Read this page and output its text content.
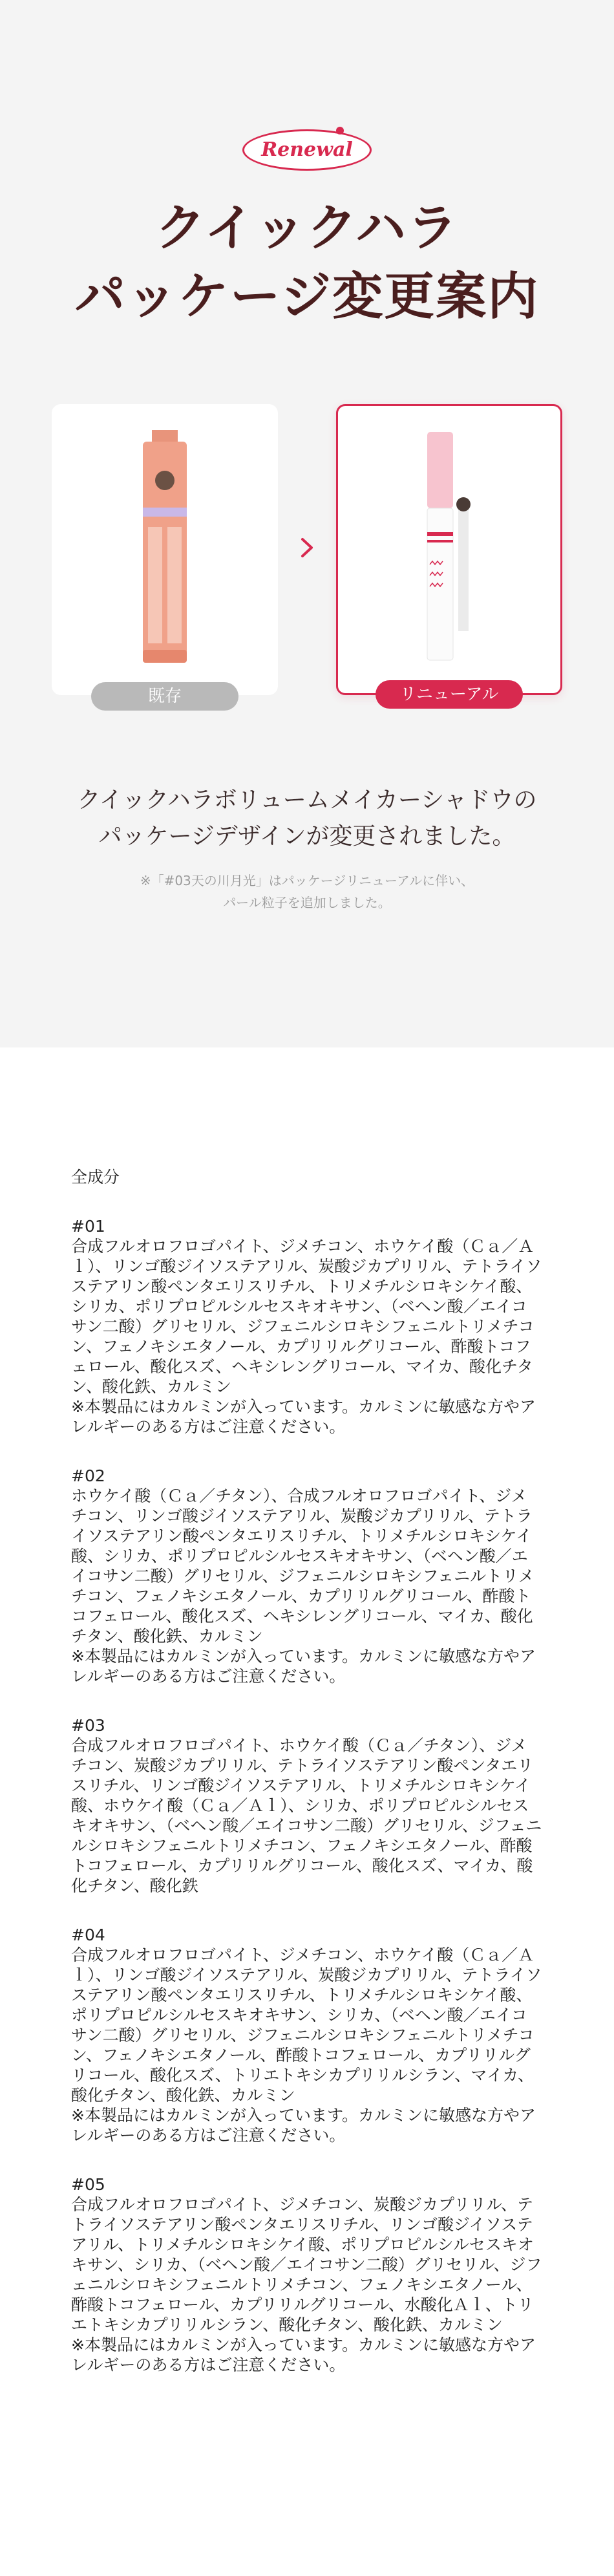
Renewal
クイックハラ
パッケージ変更案内
既存	リニューアル

クイックハラボリュームメイカーシャドウの
パッケージデザインが変更されました。

※「#03天の川月光」はパッケージリニューアルに伴い、
パール粒子を追加しました。

全成分
#01
合成フルオロフロゴパイト、ジメチコン、ホウケイ酸（Ｃａ／Ａｌ）、リンゴ酸ジイソステアリル、炭酸ジカプリリル、テトライソステアリン酸ペンタエリスリチル、トリメチルシロキシケイ酸、シリカ、ポリプロピルシルセスキオキサン、（ベヘン酸／エイコサン二酸）グリセリル、ジフェニルシロキシフェニルトリメチコン、フェノキシエタノール、カプリリルグリコール、酢酸トコフェロール、酸化スズ、ヘキシレングリコール、マイカ、酸化チタン、酸化鉄、カルミン
※本製品にはカルミンが入っています。カルミンに敏感な方やアレルギーのある方はご注意ください。
#02
ホウケイ酸（Ｃａ／チタン）、合成フルオロフロゴパイト、ジメチコン、リンゴ酸ジイソステアリル、炭酸ジカプリリル、テトライソステアリン酸ペンタエリスリチル、トリメチルシロキシケイ酸、シリカ、ポリプロピルシルセスキオキサン、（ベヘン酸／エイコサン二酸）グリセリル、ジフェニルシロキシフェニルトリメチコン、フェノキシエタノール、カプリリルグリコール、酢酸トコフェロール、酸化スズ、ヘキシレングリコール、マイカ、酸化チタン、酸化鉄、カルミン
※本製品にはカルミンが入っています。カルミンに敏感な方やアレルギーのある方はご注意ください。
#03
合成フルオロフロゴパイト、ホウケイ酸（Ｃａ／チタン）、ジメチコン、炭酸ジカプリリル、テトライソステアリン酸ペンタエリスリチル、リンゴ酸ジイソステアリル、トリメチルシロキシケイ酸、ホウケイ酸（Ｃａ／Ａｌ）、シリカ、ポリプロピルシルセスキオキサン、（ベヘン酸／エイコサン二酸）グリセリル、ジフェニルシロキシフェニルトリメチコン、フェノキシエタノール、酢酸トコフェロール、カプリリルグリコール、酸化スズ、マイカ、酸化チタン、酸化鉄
#04
合成フルオロフロゴパイト、ジメチコン、ホウケイ酸（Ｃａ／Ａｌ）、リンゴ酸ジイソステアリル、炭酸ジカプリリル、テトライソステアリン酸ペンタエリスリチル、トリメチルシロキシケイ酸、ポリプロピルシルセスキオキサン、シリカ、（ベヘン酸／エイコサン二酸）グリセリル、ジフェニルシロキシフェニルトリメチコン、フェノキシエタノール、酢酸トコフェロール、カプリリルグリコール、酸化スズ、トリエトキシカプリリルシラン、マイカ、酸化チタン、酸化鉄、カルミン
※本製品にはカルミンが入っています。カルミンに敏感な方やアレルギーのある方はご注意ください。
#05
合成フルオロフロゴパイト、ジメチコン、炭酸ジカプリリル、テトライソステアリン酸ペンタエリスリチル、リンゴ酸ジイソステアリル、トリメチルシロキシケイ酸、ポリプロピルシルセスキオキサン、シリカ、（ベヘン酸／エイコサン二酸）グリセリル、ジフェニルシロキシフェニルトリメチコン、フェノキシエタノール、酢酸トコフェロール、カプリリルグリコール、水酸化Ａｌ、トリエトキシカプリリルシラン、酸化チタン、酸化鉄、カルミン
※本製品にはカルミンが入っています。カルミンに敏感な方やアレルギーのある方はご注意ください。
